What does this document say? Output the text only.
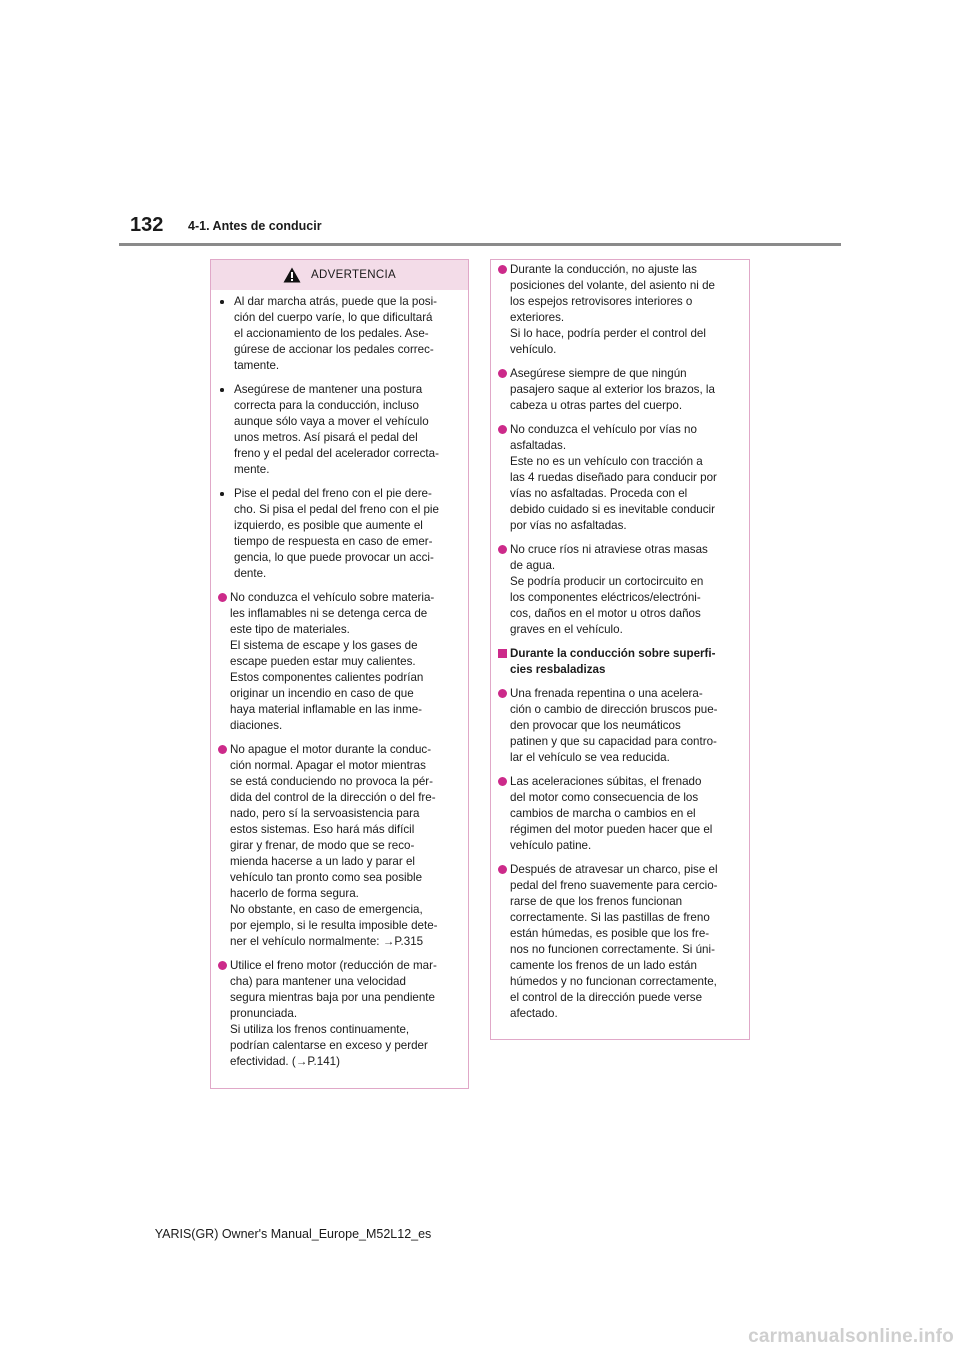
132 4-1. Antes de conducir
ADVERTENCIA
Al dar marcha atrás, puede que la posi-
ción del cuerpo varíe, lo que dificultará
el accionamiento de los pedales. Ase-
gúrese de accionar los pedales correc-
tamente.
Asegúrese de mantener una postura
correcta para la conducción, incluso
aunque sólo vaya a mover el vehículo
unos metros. Así pisará el pedal del
freno y el pedal del acelerador correcta-
mente.
Pise el pedal del freno con el pie dere-
cho. Si pisa el pedal del freno con el pie
izquierdo, es posible que aumente el
tiempo de respuesta en caso de emer-
gencia, lo que puede provocar un acci-
dente.
No conduzca el vehículo sobre materia-
les inflamables ni se detenga cerca de
este tipo de materiales.
El sistema de escape y los gases de
escape pueden estar muy calientes.
Estos componentes calientes podrían
originar un incendio en caso de que
haya material inflamable en las inme-
diaciones.
No apague el motor durante la conduc-
ción normal. Apagar el motor mientras
se está conduciendo no provoca la pér-
dida del control de la dirección o del fre-
nado, pero sí la servoasistencia para
estos sistemas. Eso hará más difícil
girar y frenar, de modo que se reco-
mienda hacerse a un lado y parar el
vehículo tan pronto como sea posible
hacerlo de forma segura.
No obstante, en caso de emergencia,
por ejemplo, si le resulta imposible dete-
ner el vehículo normalmente: →P.315
Utilice el freno motor (reducción de mar-
cha) para mantener una velocidad
segura mientras baja por una pendiente
pronunciada.
Si utiliza los frenos continuamente,
podrían calentarse en exceso y perder
efectividad. (→P.141)
Durante la conducción, no ajuste las
posiciones del volante, del asiento ni de
los espejos retrovisores interiores o
exteriores.
Si lo hace, podría perder el control del
vehículo.
Asegúrese siempre de que ningún
pasajero saque al exterior los brazos, la
cabeza u otras partes del cuerpo.
No conduzca el vehículo por vías no
asfaltadas.
Este no es un vehículo con tracción a
las 4 ruedas diseñado para conducir por
vías no asfaltadas. Proceda con el
debido cuidado si es inevitable conducir
por vías no asfaltadas.
No cruce ríos ni atraviese otras masas
de agua.
Se podría producir un cortocircuito en
los componentes eléctricos/electróni-
cos, daños en el motor u otros daños
graves en el vehículo.
Durante la conducción sobre superfi-
cies resbaladizas
Una frenada repentina o una acelera-
ción o cambio de dirección bruscos pue-
den provocar que los neumáticos
patinen y que su capacidad para contro-
lar el vehículo se vea reducida.
Las aceleraciones súbitas, el frenado
del motor como consecuencia de los
cambios de marcha o cambios en el
régimen del motor pueden hacer que el
vehículo patine.
Después de atravesar un charco, pise el
pedal del freno suavemente para cercio-
rarse de que los frenos funcionan
correctamente. Si las pastillas de freno
están húmedas, es posible que los fre-
nos no funcionen correctamente. Si úni-
camente los frenos de un lado están
húmedos y no funcionan correctamente,
el control de la dirección puede verse
afectado.
YARIS(GR) Owner's Manual_Europe_M52L12_es
carmanualsonline.info
